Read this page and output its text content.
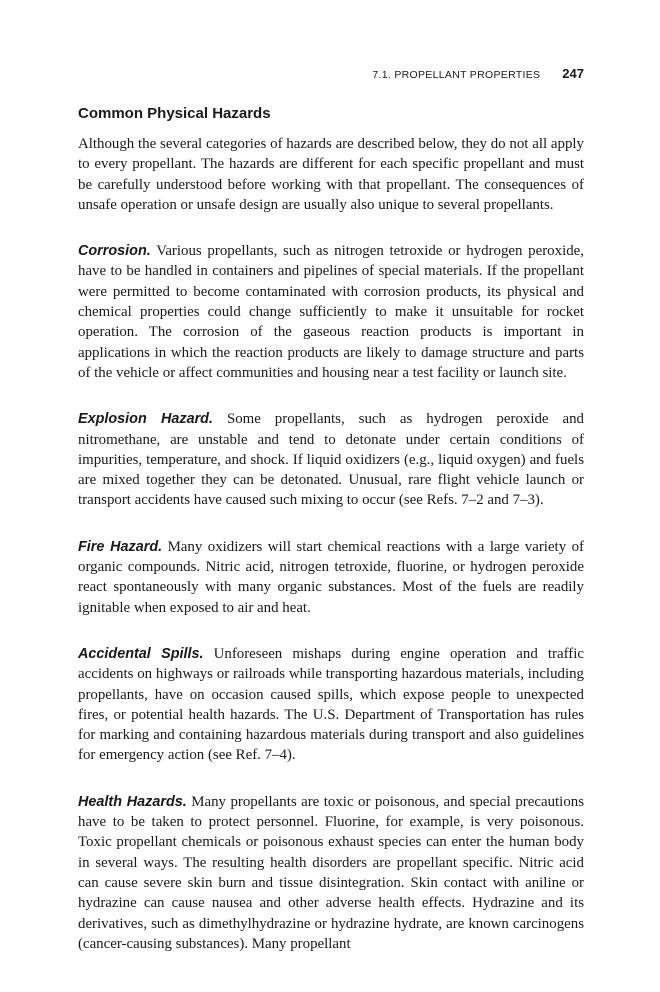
7.1. PROPELLANT PROPERTIES 247
Common Physical Hazards

Although the several categories of hazards are described below, they do not all apply to every propellant. The hazards are different for each specific propellant and must be carefully understood before working with that propellant. The consequences of unsafe operation or unsafe design are usually also unique to several propellants.

Corrosion. Various propellants, such as nitrogen tetroxide or hydrogen peroxide, have to be handled in containers and pipelines of special materials. If the propellant were permitted to become contaminated with corrosion products, its physical and chemical properties could change sufficiently to make it unsuitable for rocket operation. The corrosion of the gaseous reaction products is important in applications in which the reaction products are likely to damage structure and parts of the vehicle or affect communities and housing near a test facility or launch site.

Explosion Hazard. Some propellants, such as hydrogen peroxide and nitromethane, are unstable and tend to detonate under certain conditions of impurities, temperature, and shock. If liquid oxidizers (e.g., liquid oxygen) and fuels are mixed together they can be detonated. Unusual, rare flight vehicle launch or transport accidents have caused such mixing to occur (see Refs. 7–2 and 7–3).

Fire Hazard. Many oxidizers will start chemical reactions with a large variety of organic compounds. Nitric acid, nitrogen tetroxide, fluorine, or hydrogen peroxide react spontaneously with many organic substances. Most of the fuels are readily ignitable when exposed to air and heat.

Accidental Spills. Unforeseen mishaps during engine operation and traffic accidents on highways or railroads while transporting hazardous materials, including propellants, have on occasion caused spills, which expose people to unexpected fires, or potential health hazards. The U.S. Department of Transportation has rules for marking and containing hazardous materials during transport and also guidelines for emergency action (see Ref. 7–4).

Health Hazards. Many propellants are toxic or poisonous, and special precautions have to be taken to protect personnel. Fluorine, for example, is very poisonous. Toxic propellant chemicals or poisonous exhaust species can enter the human body in several ways. The resulting health disorders are propellant specific. Nitric acid can cause severe skin burn and tissue disintegration. Skin contact with aniline or hydrazine can cause nausea and other adverse health effects. Hydrazine and its derivatives, such as dimethylhydrazine or hydrazine hydrate, are known carcinogens (cancer-causing substances). Many propellant
